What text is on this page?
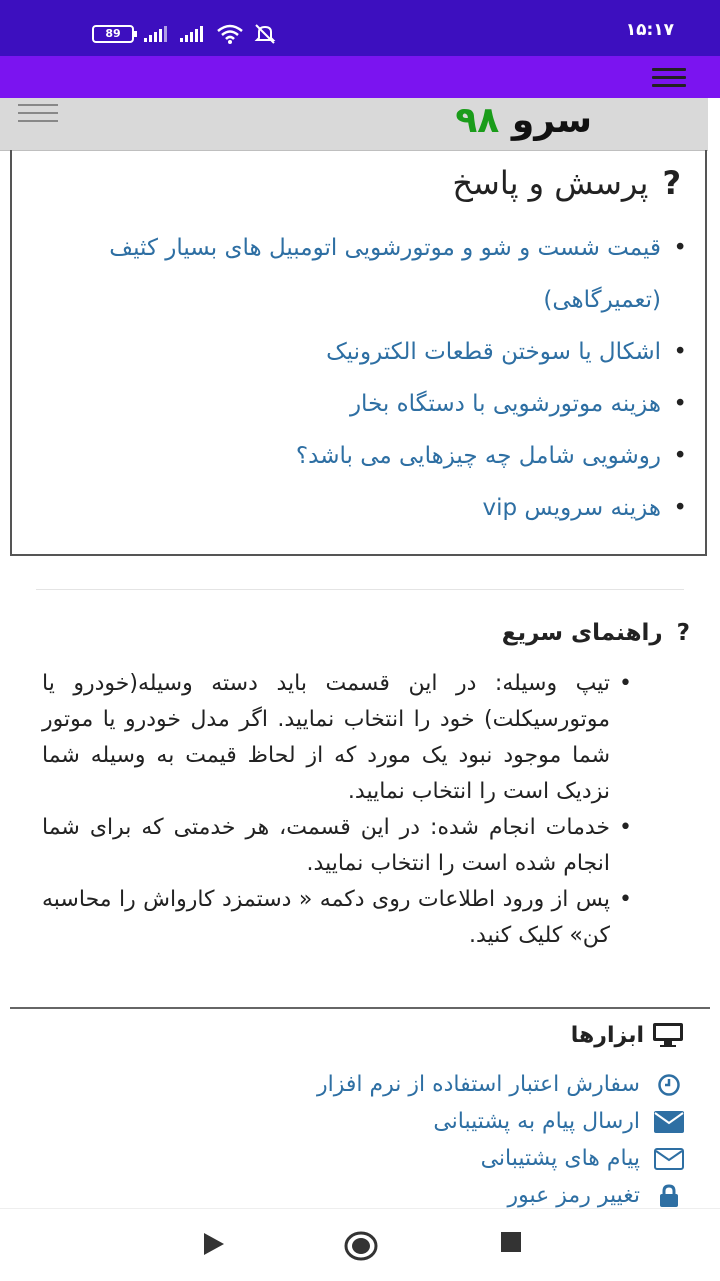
89	۱۵:۱۷
سرو ۹۸
?پرسش و پاسخ
• قیمت شست و شو و موتورشویی اتومبیل های بسیار کثیف (تعمیرگاهی)
• اشکال یا سوختن قطعات الکترونیک
• هزینه موتورشویی با دستگاه بخار
• روشویی شامل چه چیزهایی می باشد؟
• هزینه سرویس vip
?راهنمای سریع
• تیپ وسیله: در این قسمت باید دسته وسیله(خودرو یا موتورسیکلت) خود را انتخاب نمایید. اگر مدل خودرو یا موتور شما موجود نبود یک مورد که از لحاظ قیمت به وسیله شما نزدیک است را انتخاب نمایید.
• خدمات انجام شده: در این قسمت، هر خدمتی که برای شما انجام شده است را انتخاب نمایید.
• پس از ورود اطلاعات روی دکمه « دستمزد کارواش را محاسبه کن» کلیک کنید.
ابزارها
سفارش اعتبار استفاده از نرم افزار
ارسال پیام به پشتیبانی
پیام های پشتیبانی
تغییر رمز عبور
